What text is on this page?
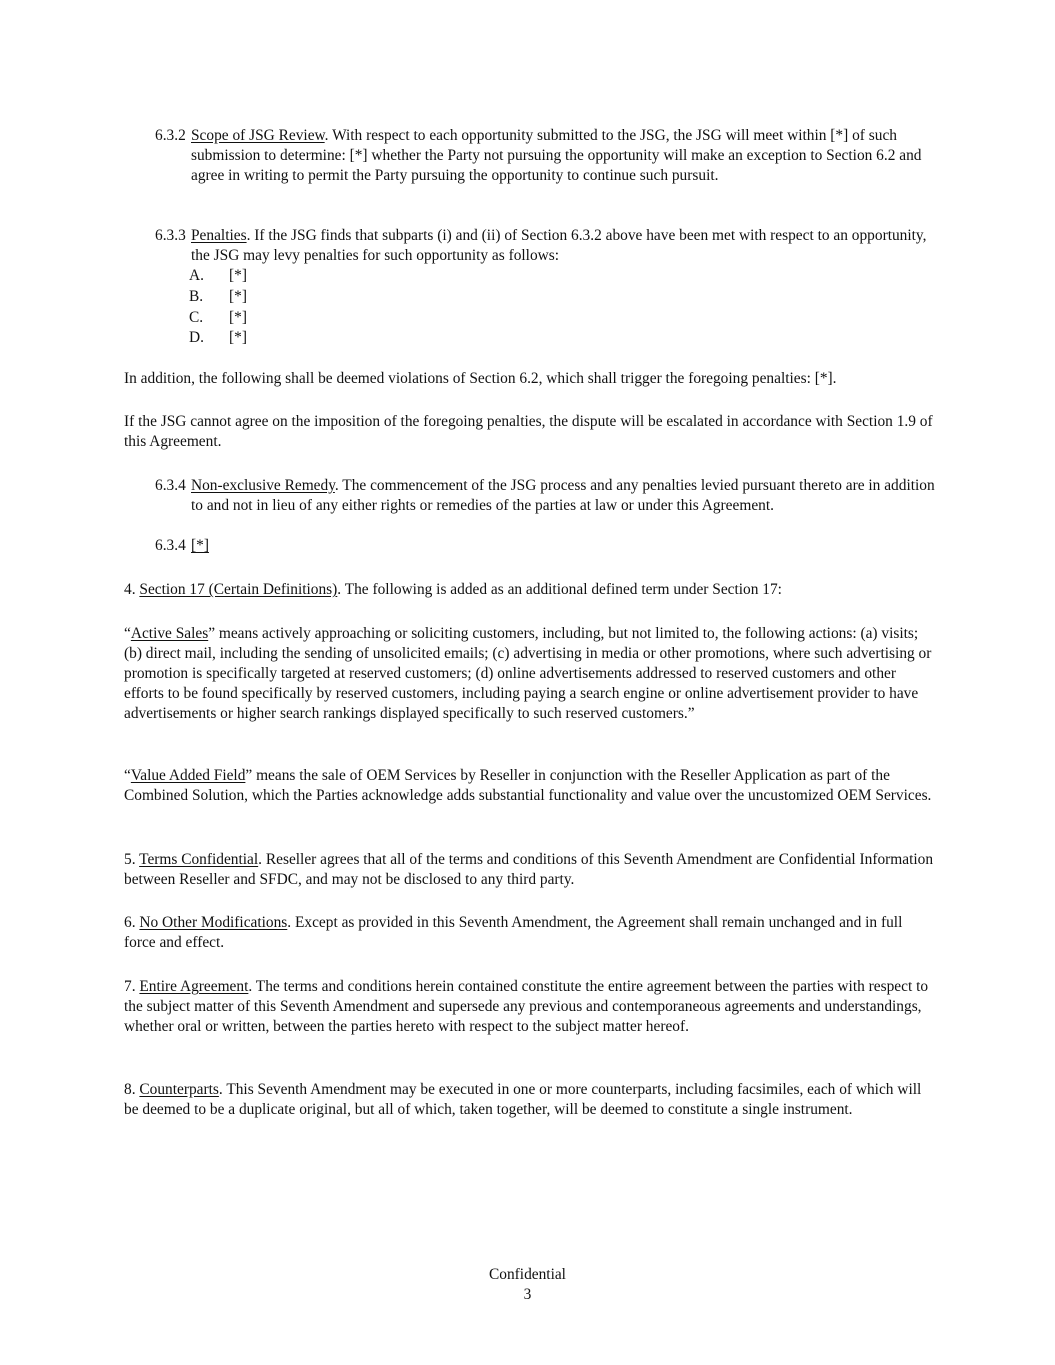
6.3.2 Scope of JSG Review. With respect to each opportunity submitted to the JSG, the JSG will meet within [*] of such submission to determine: [*] whether the Party not pursuing the opportunity will make an exception to Section 6.2 and agree in writing to permit the Party pursuing the opportunity to continue such pursuit.
6.3.3 Penalties. If the JSG finds that subparts (i) and (ii) of Section 6.3.2 above have been met with respect to an opportunity, the JSG may levy penalties for such opportunity as follows:
A. [*]
B. [*]
C. [*]
D. [*]
In addition, the following shall be deemed violations of Section 6.2, which shall trigger the foregoing penalties: [*].
If the JSG cannot agree on the imposition of the foregoing penalties, the dispute will be escalated in accordance with Section 1.9 of this Agreement.
6.3.4 Non-exclusive Remedy. The commencement of the JSG process and any penalties levied pursuant thereto are in addition to and not in lieu of any either rights or remedies of the parties at law or under this Agreement.
6.3.4 [*]
4. Section 17 (Certain Definitions). The following is added as an additional defined term under Section 17:
“Active Sales” means actively approaching or soliciting customers, including, but not limited to, the following actions: (a) visits; (b) direct mail, including the sending of unsolicited emails; (c) advertising in media or other promotions, where such advertising or promotion is specifically targeted at reserved customers; (d) online advertisements addressed to reserved customers and other efforts to be found specifically by reserved customers, including paying a search engine or online advertisement provider to have advertisements or higher search rankings displayed specifically to such reserved customers.”
“Value Added Field” means the sale of OEM Services by Reseller in conjunction with the Reseller Application as part of the Combined Solution, which the Parties acknowledge adds substantial functionality and value over the uncustomized OEM Services.
5. Terms Confidential. Reseller agrees that all of the terms and conditions of this Seventh Amendment are Confidential Information between Reseller and SFDC, and may not be disclosed to any third party.
6. No Other Modifications. Except as provided in this Seventh Amendment, the Agreement shall remain unchanged and in full force and effect.
7. Entire Agreement. The terms and conditions herein contained constitute the entire agreement between the parties with respect to the subject matter of this Seventh Amendment and supersede any previous and contemporaneous agreements and understandings, whether oral or written, between the parties hereto with respect to the subject matter hereof.
8. Counterparts. This Seventh Amendment may be executed in one or more counterparts, including facsimiles, each of which will be deemed to be a duplicate original, but all of which, taken together, will be deemed to constitute a single instrument.
Confidential
3
